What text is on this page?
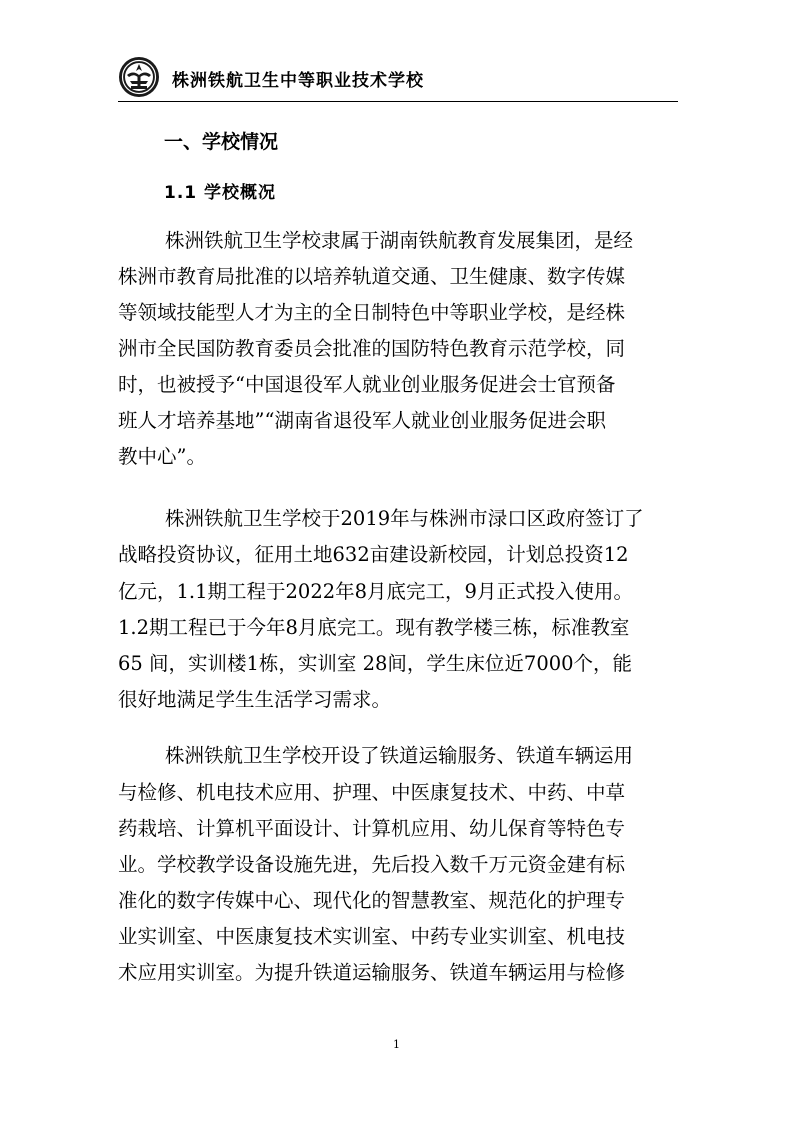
株洲铁航卫生中等职业技术学校
一、学校情况
1.1 学校概况
株洲铁航卫生学校隶属于湖南铁航教育发展集团，是经
株洲市教育局批准的以培养轨道交通、卫生健康、数字传媒
等领域技能型人才为主的全日制特色中等职业学校，是经株
洲市全民国防教育委员会批准的国防特色教育示范学校，同
时，也被授予“中国退役军人就业创业服务促进会士官预备
班人才培养基地”“湖南省退役军人就业创业服务促进会职
教中心”。
株洲铁航卫生学校于2019年与株洲市渌口区政府签订了
战略投资协议，征用土地632亩建设新校园，计划总投资12
亿元，1.1期工程于2022年8月底完工，9月正式投入使用。
1.2期工程已于今年8月底完工。现有教学楼三栋，标准教室
65 间，实训楼1栋，实训室 28间，学生床位近7000个，能
很好地满足学生生活学习需求。
株洲铁航卫生学校开设了铁道运输服务、铁道车辆运用
与检修、机电技术应用、护理、中医康复技术、中药、中草
药栽培、计算机平面设计、计算机应用、幼儿保育等特色专
业。学校教学设备设施先进，先后投入数千万元资金建有标
准化的数字传媒中心、现代化的智慧教室、规范化的护理专
业实训室、中医康复技术实训室、中药专业实训室、机电技
术应用实训室。为提升铁道运输服务、铁道车辆运用与检修
1
